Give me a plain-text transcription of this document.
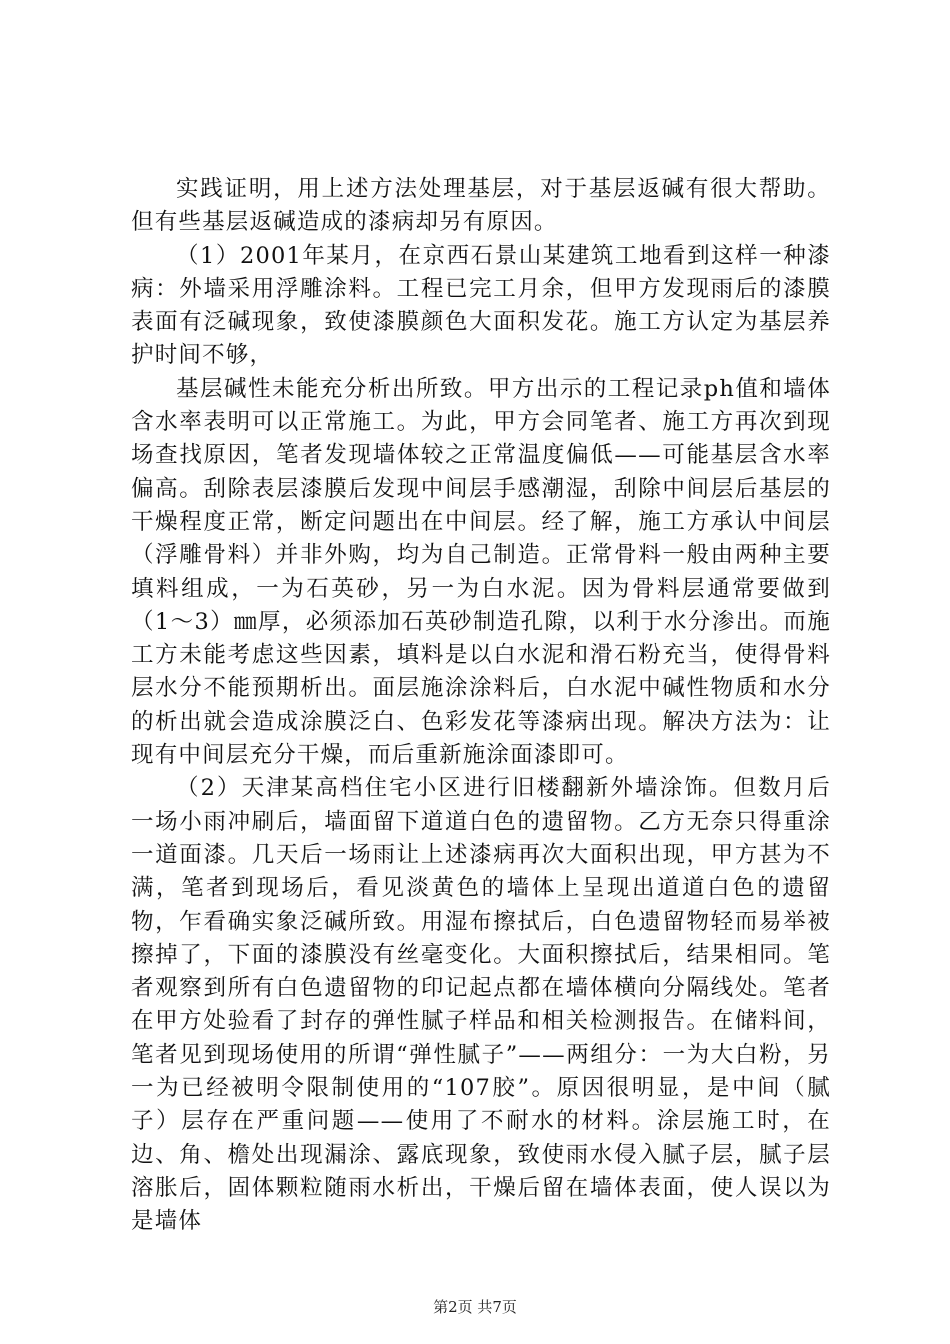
实践证明，用上述方法处理基层，对于基层返碱有很大帮助。但有些基层返碱造成的漆病却另有原因。

（1）2001年某月，在京西石景山某建筑工地看到这样一种漆病：外墙采用浮雕涂料。工程已完工月余，但甲方发现雨后的漆膜表面有泛碱现象，致使漆膜颜色大面积发花。施工方认定为基层养护时间不够，

基层碱性未能充分析出所致。甲方出示的工程记录ph值和墙体含水率表明可以正常施工。为此，甲方会同笔者、施工方再次到现场查找原因，笔者发现墙体较之正常温度偏低——可能基层含水率偏高。刮除表层漆膜后发现中间层手感潮湿，刮除中间层后基层的干燥程度正常，断定问题出在中间层。经了解，施工方承认中间层（浮雕骨料）并非外购，均为自己制造。正常骨料一般由两种主要填料组成，一为石英砂，另一为白水泥。因为骨料层通常要做到（1～3）㎜厚，必须添加石英砂制造孔隙，以利于水分渗出。而施工方未能考虑这些因素，填料是以白水泥和滑石粉充当，使得骨料层水分不能预期析出。面层施涂涂料后，白水泥中碱性物质和水分的析出就会造成涂膜泛白、色彩发花等漆病出现。解决方法为：让现有中间层充分干燥，而后重新施涂面漆即可。

（2）天津某高档住宅小区进行旧楼翻新外墙涂饰。但数月后一场小雨冲刷后，墙面留下道道白色的遗留物。乙方无奈只得重涂一道面漆。几天后一场雨让上述漆病再次大面积出现，甲方甚为不满，笔者到现场后，看见淡黄色的墙体上呈现出道道白色的遗留物，乍看确实象泛碱所致。用湿布擦拭后，白色遗留物轻而易举被擦掉了，下面的漆膜没有丝毫变化。大面积擦拭后，结果相同。笔者观察到所有白色遗留物的印记起点都在墙体横向分隔线处。笔者在甲方处验看了封存的弹性腻子样品和相关检测报告。在储料间，笔者见到现场使用的所谓“弹性腻子”——两组分：一为大白粉，另一为已经被明令限制使用的“107胶”。原因很明显，是中间（腻子）层存在严重问题——使用了不耐水的材料。涂层施工时，在边、角、檐处出现漏涂、露底现象，致使雨水侵入腻子层，腻子层溶胀后，固体颗粒随雨水析出，干燥后留在墙体表面，使人误以为是墙体

第2页 共7页
